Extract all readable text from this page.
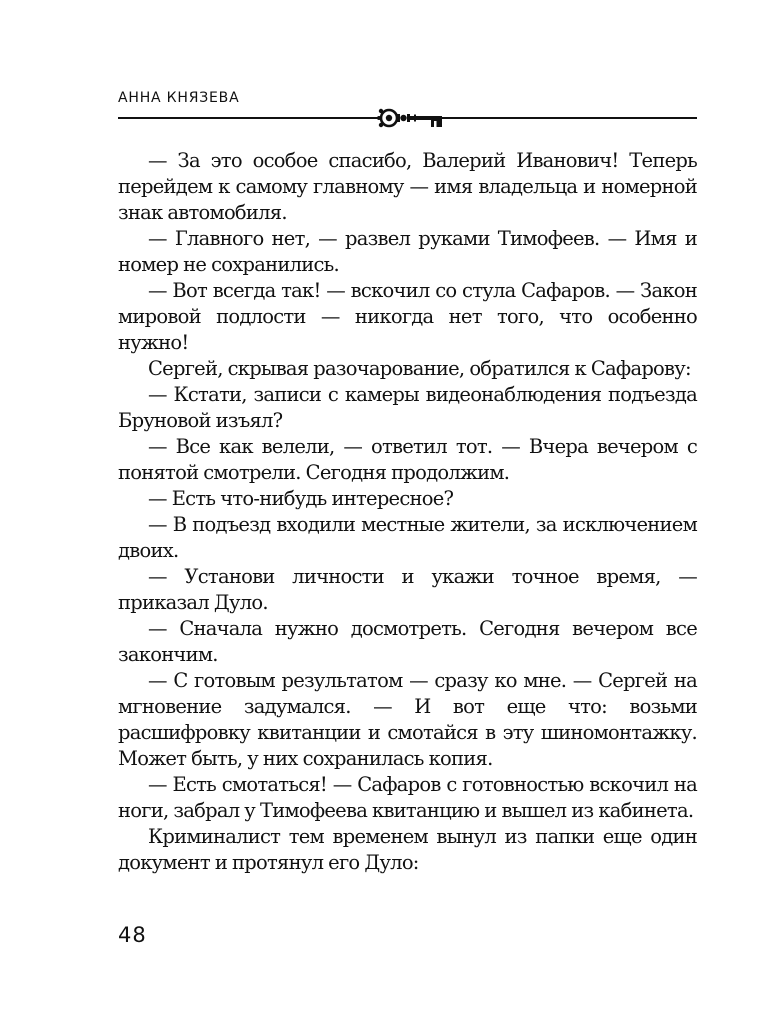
АННА КНЯЗЕВА

— За это особое спасибо, Валерий Иванович! Теперь перейдем к самому главному — имя владельца и номерной знак автомобиля.

— Главного нет, — развел руками Тимофеев. — Имя и номер не сохранились.

— Вот всегда так! — вскочил со стула Сафаров. — Закон мировой подлости — никогда нет того, что особенно нужно!

Сергей, скрывая разочарование, обратился к Сафарову:

— Кстати, записи с камеры видеонаблюдения подъезда Бруновой изъял?

— Все как велели, — ответил тот. — Вчера вечером с понятой смотрели. Сегодня продолжим.

— Есть что-нибудь интересное?

— В подъезд входили местные жители, за исключением двоих.

— Установи личности и укажи точное время, — приказал Дуло.

— Сначала нужно досмотреть. Сегодня вечером все закончим.

— С готовым результатом — сразу ко мне. — Сергей на мгновение задумался. — И вот еще что: возьми расшифровку квитанции и смотайся в эту шиномонтажку. Может быть, у них сохранилась копия.

— Есть смотаться! — Сафаров с готовностью вскочил на ноги, забрал у Тимофеева квитанцию и вышел из кабинета.

Криминалист тем временем вынул из папки еще один документ и протянул его Дуло:

48
